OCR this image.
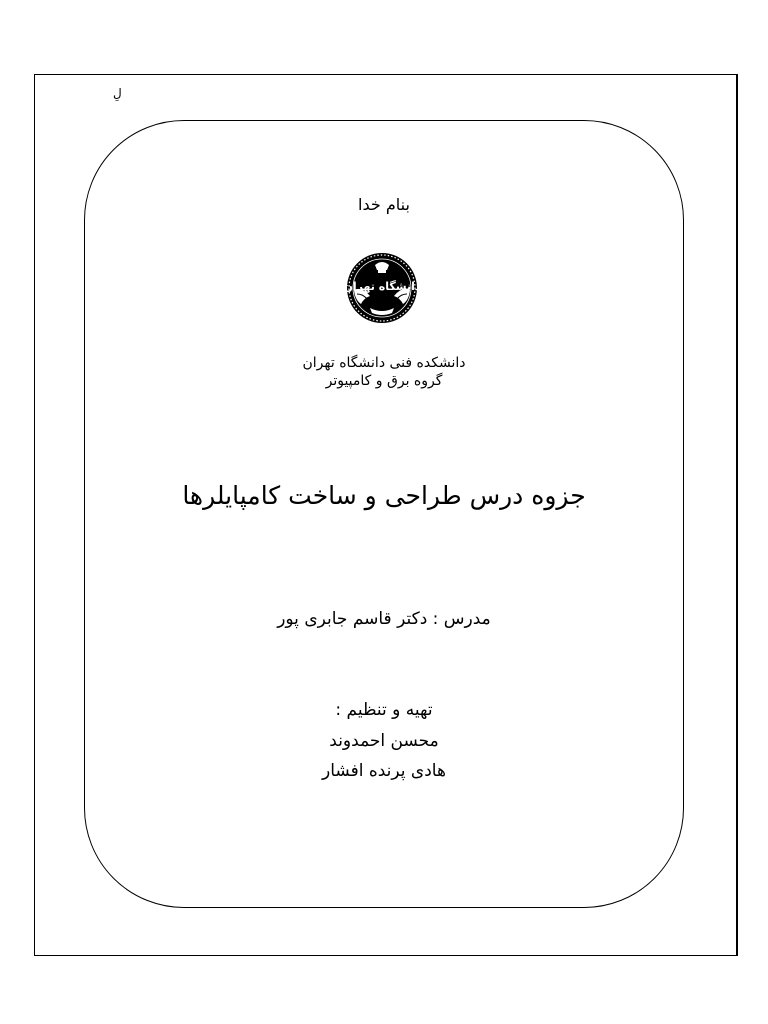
لِ
بنام خدا
دانشگاه تهران
دانشكده فنی دانشگاه تهران
گروه برق و كامپيوتر
جزوه درس طراحی و ساخت كامپايلرها
مدرس : دكتر قاسم جابری پور
تهيه و تنظيم :
محسن احمدوند
هادی پرنده افشار
